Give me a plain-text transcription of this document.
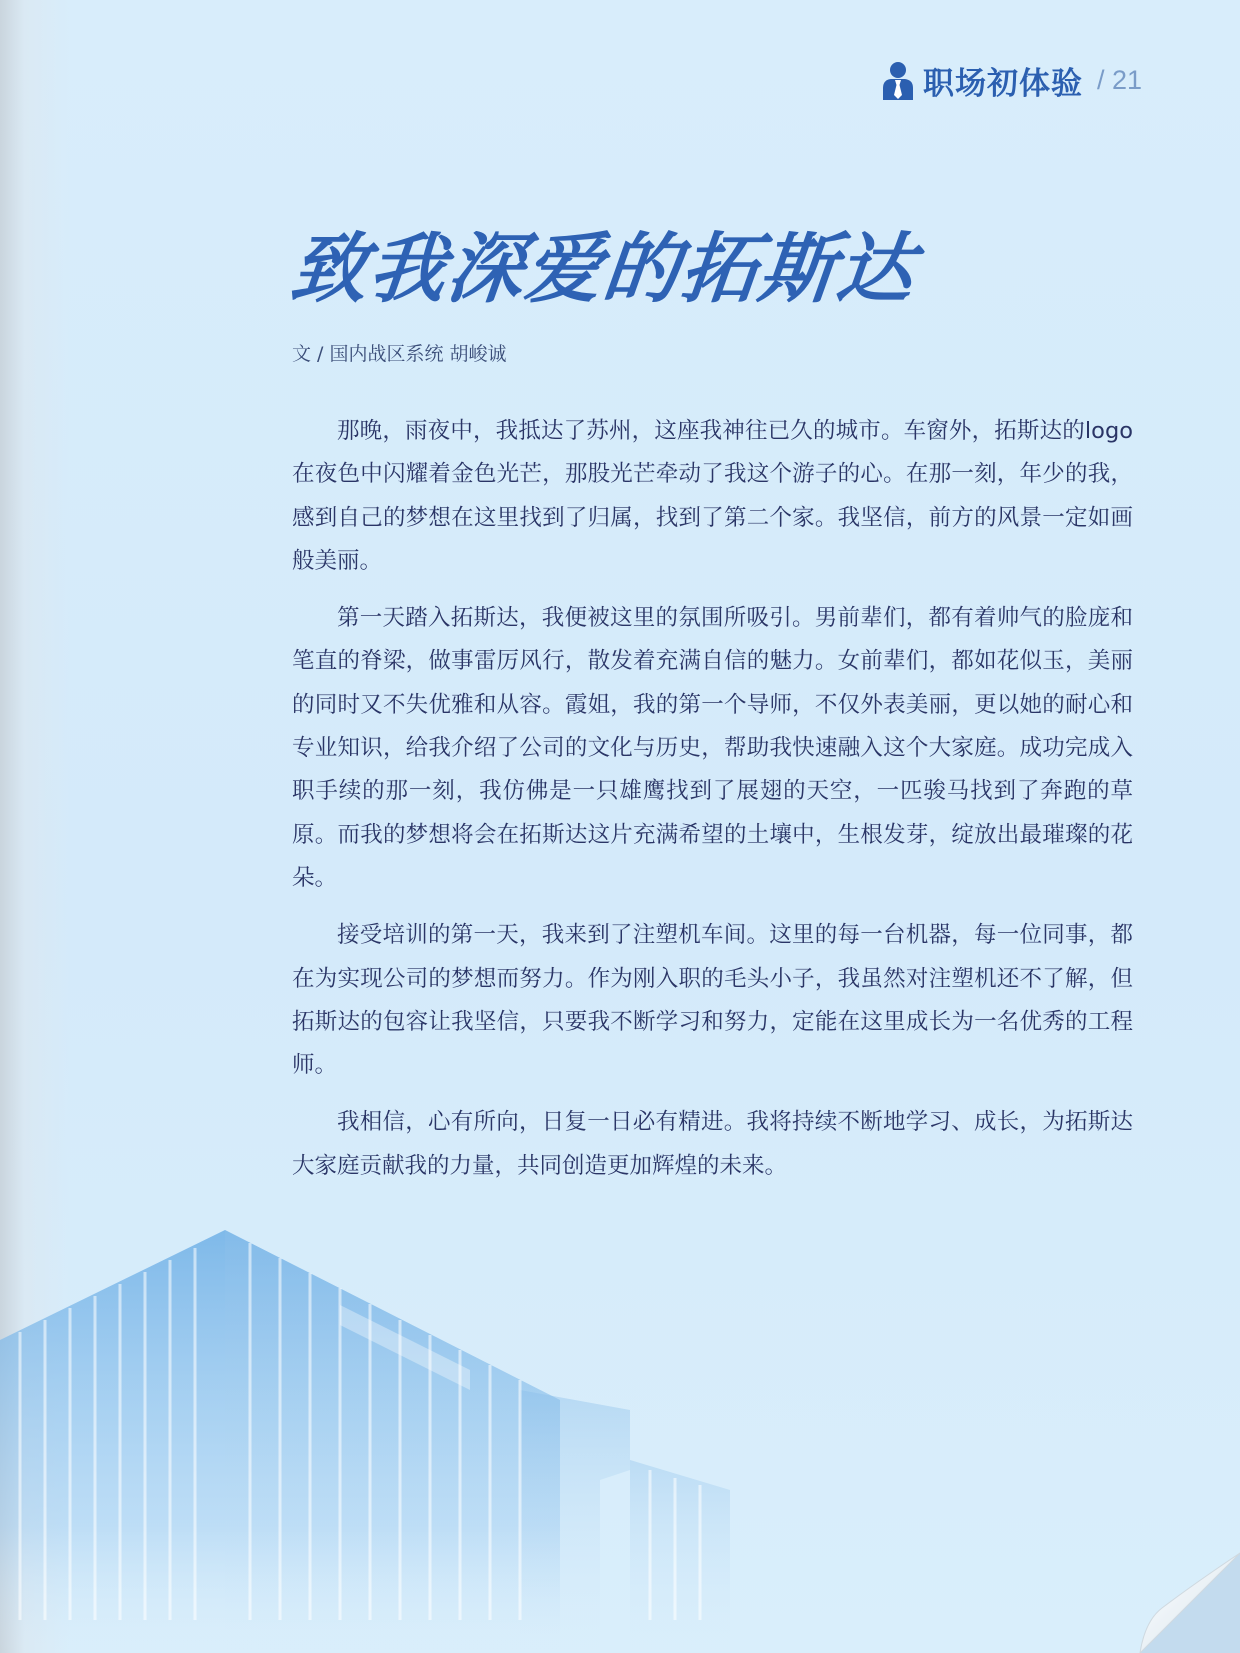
职场初体验 / 21
致我深爱的拓斯达
文 / 国内战区系统 胡峻诚

那晚，雨夜中，我抵达了苏州，这座我神往已久的城市。车窗外，拓斯达的logo在夜色中闪耀着金色光芒，那股光芒牵动了我这个游子的心。在那一刻，年少的我，感到自己的梦想在这里找到了归属，找到了第二个家。我坚信，前方的风景一定如画般美丽。

第一天踏入拓斯达，我便被这里的氛围所吸引。男前辈们，都有着帅气的脸庞和笔直的脊梁，做事雷厉风行，散发着充满自信的魅力。女前辈们，都如花似玉，美丽的同时又不失优雅和从容。霞姐，我的第一个导师，不仅外表美丽，更以她的耐心和专业知识，给我介绍了公司的文化与历史，帮助我快速融入这个大家庭。成功完成入职手续的那一刻，我仿佛是一只雄鹰找到了展翅的天空，一匹骏马找到了奔跑的草原。而我的梦想将会在拓斯达这片充满希望的土壤中，生根发芽，绽放出最璀璨的花朵。

接受培训的第一天，我来到了注塑机车间。这里的每一台机器，每一位同事，都在为实现公司的梦想而努力。作为刚入职的毛头小子，我虽然对注塑机还不了解，但拓斯达的包容让我坚信，只要我不断学习和努力，定能在这里成长为一名优秀的工程师。

我相信，心有所向，日复一日必有精进。我将持续不断地学习、成长，为拓斯达大家庭贡献我的力量，共同创造更加辉煌的未来。
